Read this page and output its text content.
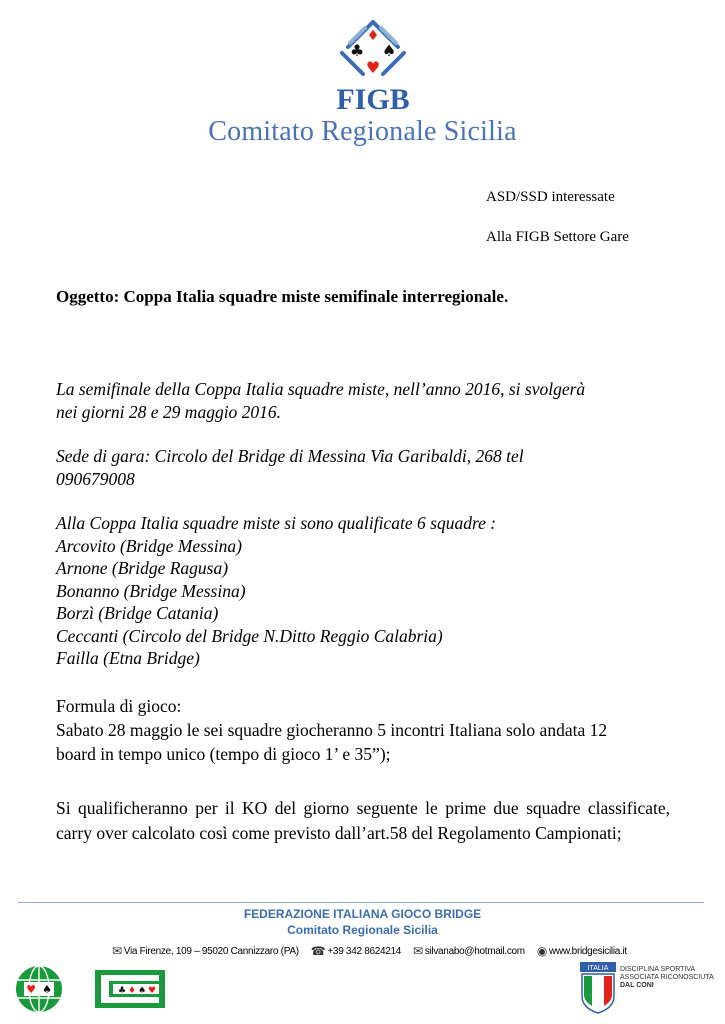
♦
♣ ♠
♥
FIGB
Comitato Regionale Sicilia
ASD/SSD interessate
Alla FIGB Settore Gare
Oggetto: Coppa Italia squadre miste semifinale interregionale.
La semifinale della Coppa Italia squadre miste, nell’anno 2016, si svolgerà
nei giorni 28 e 29 maggio 2016.
Sede di gara: Circolo del Bridge di Messina Via Garibaldi, 268 tel
090679008
Alla Coppa Italia squadre miste si sono qualificate 6 squadre :
Arcovito (Bridge Messina)
Arnone (Bridge Ragusa)
Bonanno (Bridge Messina)
Borzì (Bridge Catania)
Ceccanti (Circolo del Bridge N.Ditto Reggio Calabria)
Failla (Etna Bridge)
Formula di gioco:
Sabato 28 maggio le sei squadre giocheranno 5 incontri Italiana solo andata 12
board in tempo unico (tempo di gioco 1’ e 35”);
Si qualificheranno per il KO del giorno seguente le prime due squadre classificate, carry over calcolato così come previsto dall’art.58 del Regolamento Campionati;
FEDERAZIONE ITALIANA GIOCO BRIDGE
Comitato Regionale Sicilia
✉ Via Firenze, 109 – 95020 Cannizzaro (PA) ☎ +39 342 8624214 ✉ silvanabo@hotmail.com ◉ www.bridgesicilia.it
♥ ♠	♣ ♦ ♠ ♥
ITALIA DISCIPLINA SPORTIVA
ASSOCIATA RICONOSCIUTA
DAL CONI
